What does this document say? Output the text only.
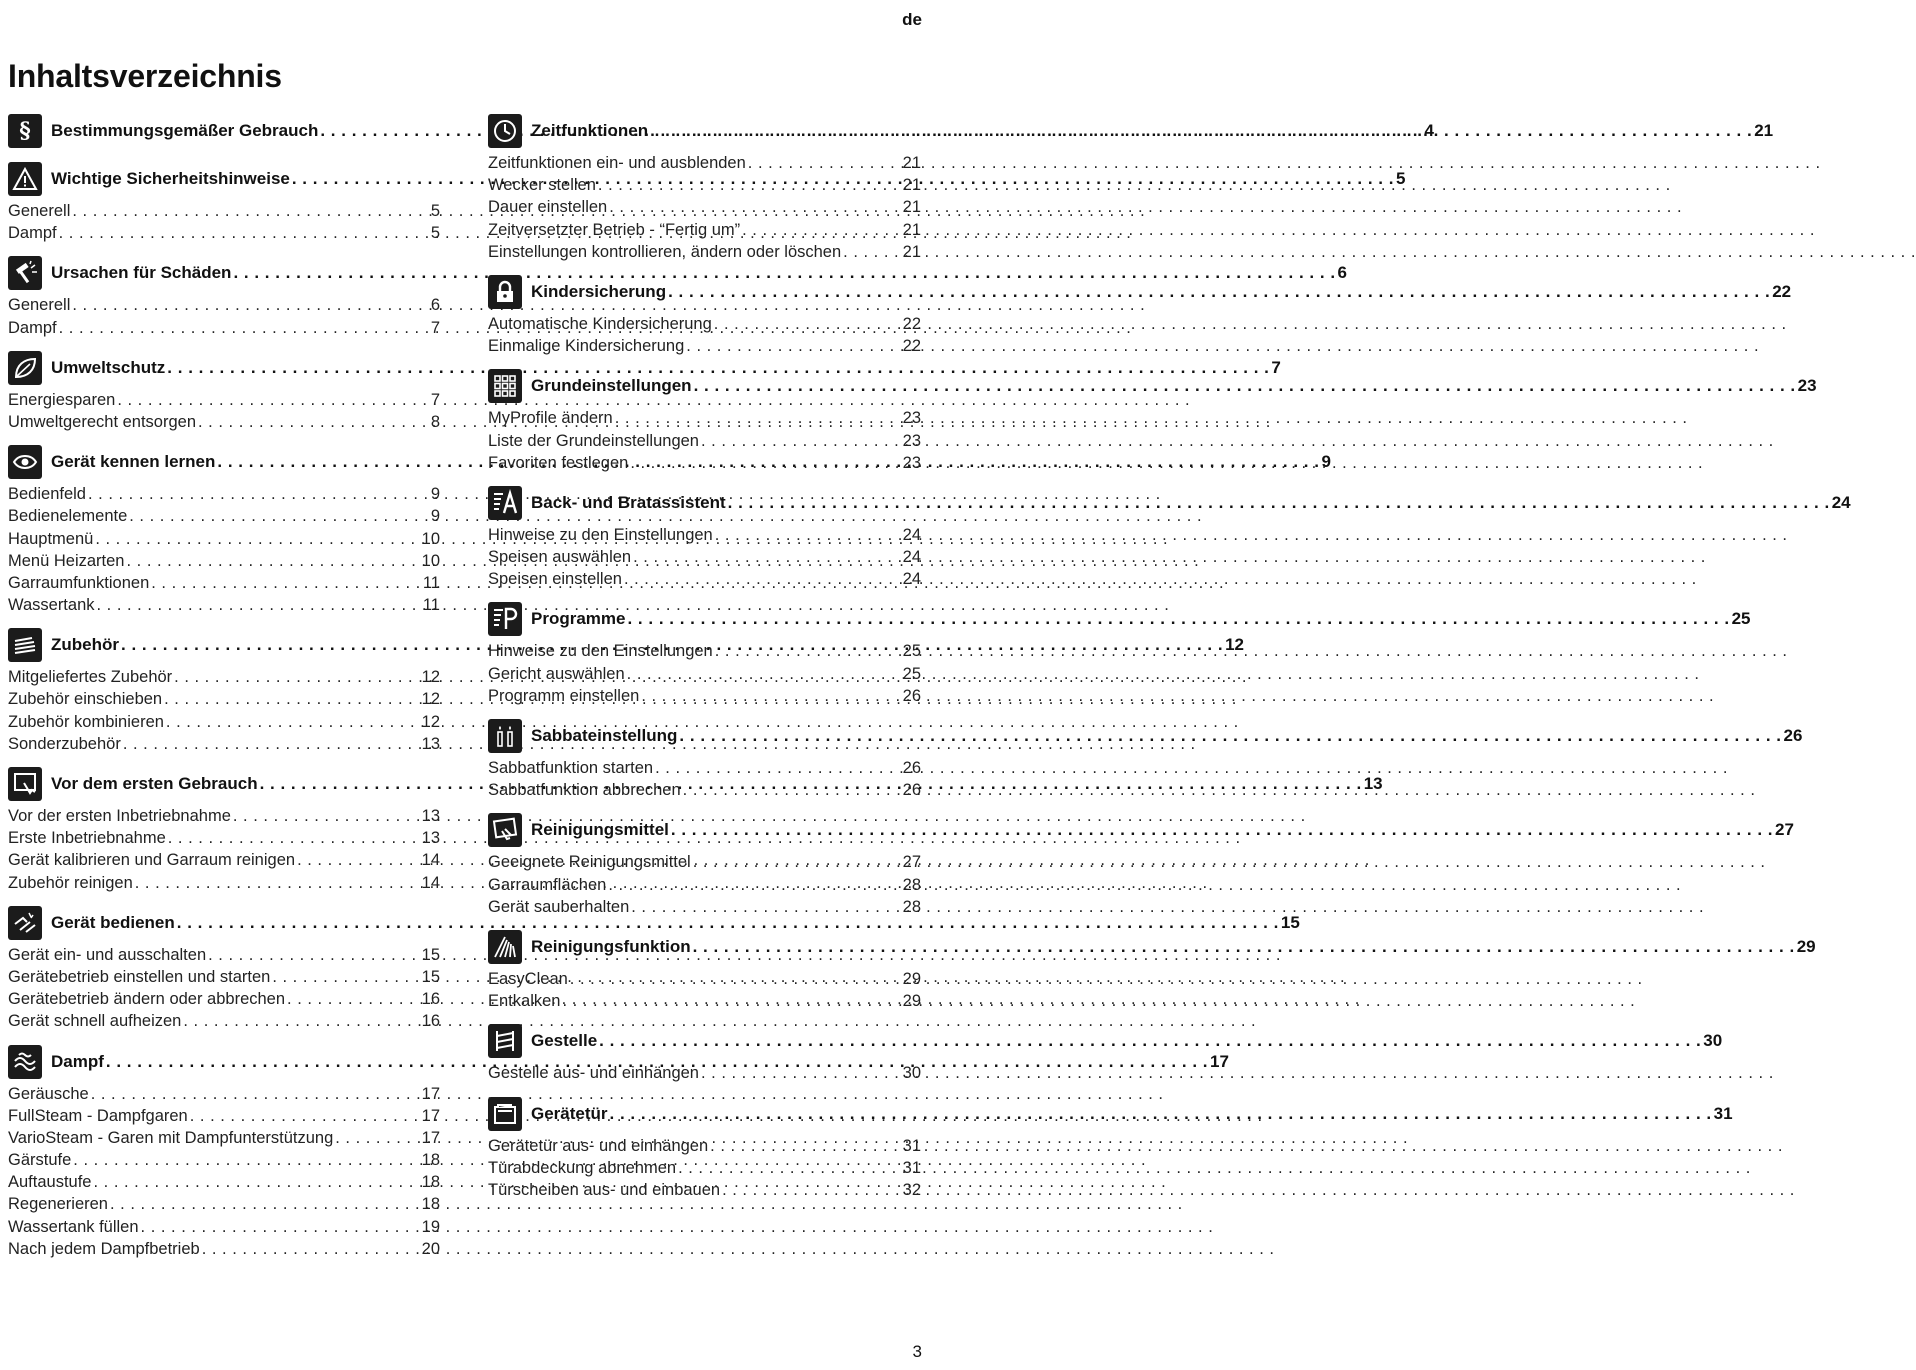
de
Inhaltsverzeichnis
§ Bestimmungsgemäßer Gebrauch . . .	4
Wichtige Sicherheitshinweise . . .	5
Generell . . .	5
Dampf . . .	5
Ursachen für Schäden . . .	6
Generell . . .	6
Dampf . . .	7
Umweltschutz . . .	7
Energiesparen . . .	7
Umweltgerecht entsorgen . . .	8
Gerät kennen lernen . . .	9
Bedienfeld . . .	9
Bedienelemente . . .	9
Hauptmenü . . .	10
Menü Heizarten . . .	10
Garraumfunktionen . . .	11
Wassertank . . .	11
Zubehör . . .	12
Mitgeliefertes Zubehör . . .	12
Zubehör einschieben . . .	12
Zubehör kombinieren . . .	12
Sonderzubehör . . .	13
Vor dem ersten Gebrauch . . .	13
Vor der ersten Inbetriebnahme . . .	13
Erste Inbetriebnahme . . .	13
Gerät kalibrieren und Garraum reinigen . . .	14
Zubehör reinigen . . .	14
Gerät bedienen . . .	15
Gerät ein- und ausschalten . . .	15
Gerätebetrieb einstellen und starten . . .	15
Gerätebetrieb ändern oder abbrechen . . .	16
Gerät schnell aufheizen . . .	16
Dampf . . .	17
Geräusche . . .	17
FullSteam - Dampfgaren . . .	17
VarioSteam - Garen mit Dampfunterstützung . . .	17
Gärstufe . . .	18
Auftaustufe . . .	18
Regenerieren . . .	18
Wassertank füllen . . .	19
Nach jedem Dampfbetrieb . . .	20
Zeitfunktionen . . .	21
Zeitfunktionen ein- und ausblenden . . .	21
Wecker stellen . . .	21
Dauer einstellen . . .	21
Zeitversetzter Betrieb - “Fertig um” . . .	21
Einstellungen kontrollieren, ändern oder löschen . . .	21
Kindersicherung . . .	22
Automatische Kindersicherung . . .	22
Einmalige Kindersicherung . . .	22
Grundeinstellungen . . .	23
MyProfile ändern . . .	23
Liste der Grundeinstellungen . . .	23
Favoriten festlegen . . .	23
Back- und Bratassistent . . .	24
Hinweise zu den Einstellungen . . .	24
Speisen auswählen . . .	24
Speisen einstellen . . .	24
Programme . . .	25
Hinweise zu den Einstellungen . . .	25
Gericht auswählen . . .	25
Programm einstellen . . .	26
Sabbateinstellung . . .	26
Sabbatfunktion starten . . .	26
Sabbatfunktion abbrechen . . .	26
Reinigungsmittel . . .	27
Geeignete Reinigungsmittel . . .	27
Garraumflächen . . .	28
Gerät sauberhalten . . .	28
Reinigungsfunktion . . .	29
EasyClean . . .	29
Entkalken . . .	29
Gestelle . . .	30
Gestelle aus- und einhängen . . .	30
Gerätetür . . .	31
Gerätetür aus- und einhängen . . .	31
Türabdeckung abnehmen . . .	31
Türscheiben aus- und einbauen . . .	32
3
